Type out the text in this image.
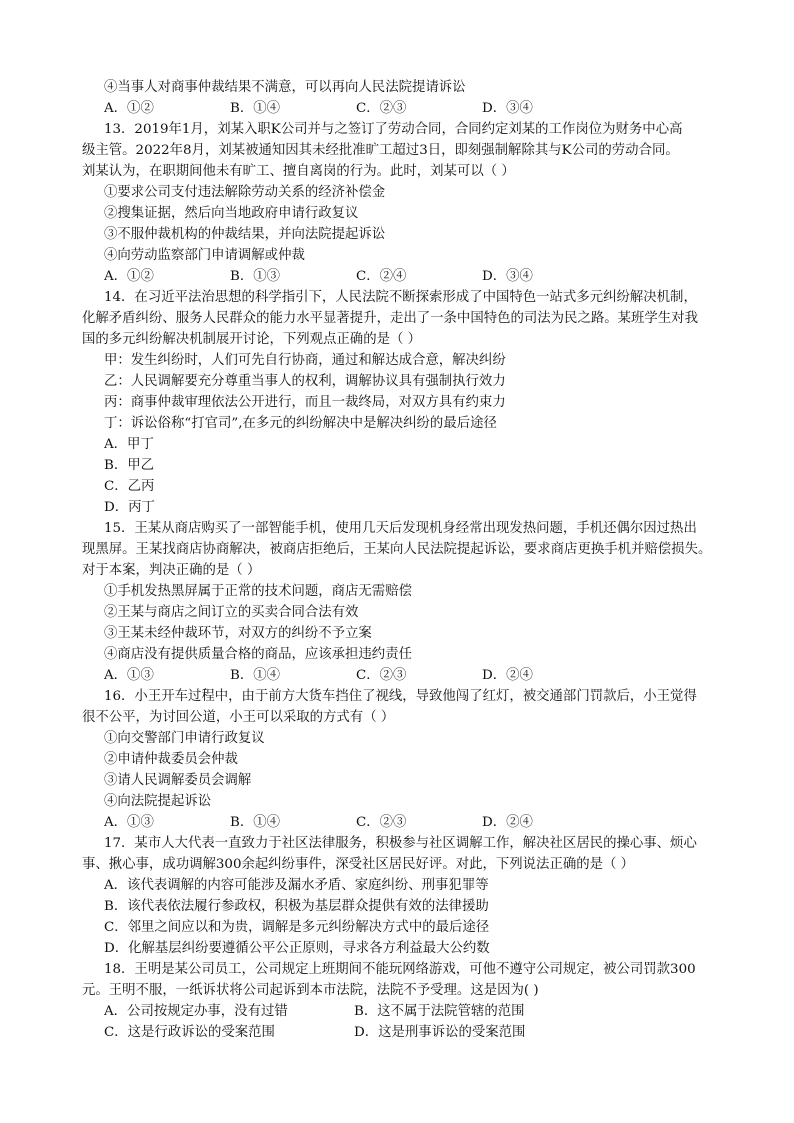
④当事人对商事仲裁结果不满意，可以再向人民法院提请诉讼

A．①②	B．①④	C．②③	D．③④

13．2019年1月，刘某入职K公司并与之签订了劳动合同，合同约定刘某的工作岗位为财务中心高

级主管。2022年8月，刘某被通知因其未经批准旷工超过3日，即刻强制解除其与K公司的劳动合同。

刘某认为，在职期间他未有旷工、擅自离岗的行为。此时，刘某可以（ ）

①要求公司支付违法解除劳动关系的经济补偿金

②搜集证据，然后向当地政府申请行政复议

③不服仲裁机构的仲裁结果，并向法院提起诉讼

④向劳动监察部门申请调解或仲裁

A．①②	B．①③	C．②④	D．③④

14．在习近平法治思想的科学指引下，人民法院不断探索形成了中国特色一站式多元纠纷解决机制，

化解矛盾纠纷、服务人民群众的能力水平显著提升，走出了一条中国特色的司法为民之路。某班学生对我

国的多元纠纷解决机制展开讨论，下列观点正确的是（ ）

甲：发生纠纷时，人们可先自行协商，通过和解达成合意，解决纠纷

乙：人民调解要充分尊重当事人的权利，调解协议具有强制执行效力

丙：商事仲裁审理依法公开进行，而且一裁终局，对双方具有约束力

丁：诉讼俗称“打官司”,在多元的纠纷解决中是解决纠纷的最后途径

A．甲丁

B．甲乙

C．乙丙

D．丙丁

15．王某从商店购买了一部智能手机，使用几天后发现机身经常出现发热问题，手机还偶尔因过热出

现黑屏。王某找商店协商解决，被商店拒绝后，王某向人民法院提起诉讼，要求商店更换手机并赔偿损失。

对于本案，判决正确的是（ ）

①手机发热黑屏属于正常的技术问题，商店无需赔偿

②王某与商店之间订立的买卖合同合法有效

③王某未经仲裁环节，对双方的纠纷不予立案

④商店没有提供质量合格的商品，应该承担违约责任

A．①③	B．①④	C．②③	D．②④

16．小王开车过程中，由于前方大货车挡住了视线，导致他闯了红灯，被交通部门罚款后，小王觉得

很不公平，为讨回公道，小王可以采取的方式有（ ）

①向交警部门申请行政复议

②申请仲裁委员会仲裁

③请人民调解委员会调解

④向法院提起诉讼

A．①③	B．①④	C．②③	D．②④

17．某市人大代表一直致力于社区法律服务，积极参与社区调解工作，解决社区居民的操心事、烦心

事、揪心事，成功调解300余起纠纷事件，深受社区居民好评。对此，下列说法正确的是（ ）

A．该代表调解的内容可能涉及漏水矛盾、家庭纠纷、刑事犯罪等

B．该代表依法履行参政权，积极为基层群众提供有效的法律援助

C．邻里之间应以和为贵，调解是多元纠纷解决方式中的最后途径

D．化解基层纠纷要遵循公平公正原则，寻求各方利益最大公约数

18．王明是某公司员工，公司规定上班期间不能玩网络游戏，可他不遵守公司规定，被公司罚款300

元。王明不服，一纸诉状将公司起诉到本市法院，法院不予受理。这是因为( )

A．公司按规定办事，没有过错	B．这不属于法院管辖的范围
C．这是行政诉讼的受案范围	D．这是刑事诉讼的受案范围
